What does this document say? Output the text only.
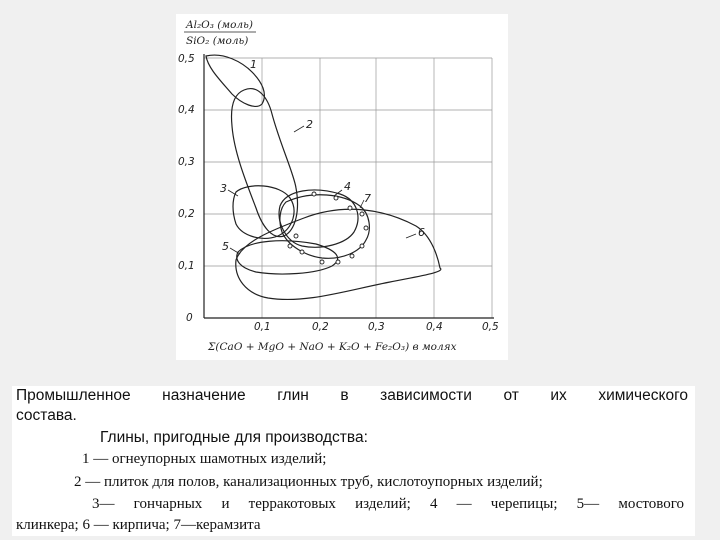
Al₂O₃ (моль)
SiO₂ (моль)
0,5
0,4
0,3
0,2
0,1
0
0,1	0,2	0,3	0,4	0,5
Σ(CaO + MgO + NaO + K₂O + Fe₂O₃) в молях
1
2
3	4
5
6
7
Промышленное назначение глин в зависимости от их химического
состава.
Глины, пригодные для производства:
1 — огнеупорных шамотных изделий;
2 — плиток для полов, канализационных труб, кислотоупорных изделий;
3— гончарных и терракотовых изделий; 4 — черепицы; 5— мостового
клинкера; 6 — кирпича; 7—керамзита
